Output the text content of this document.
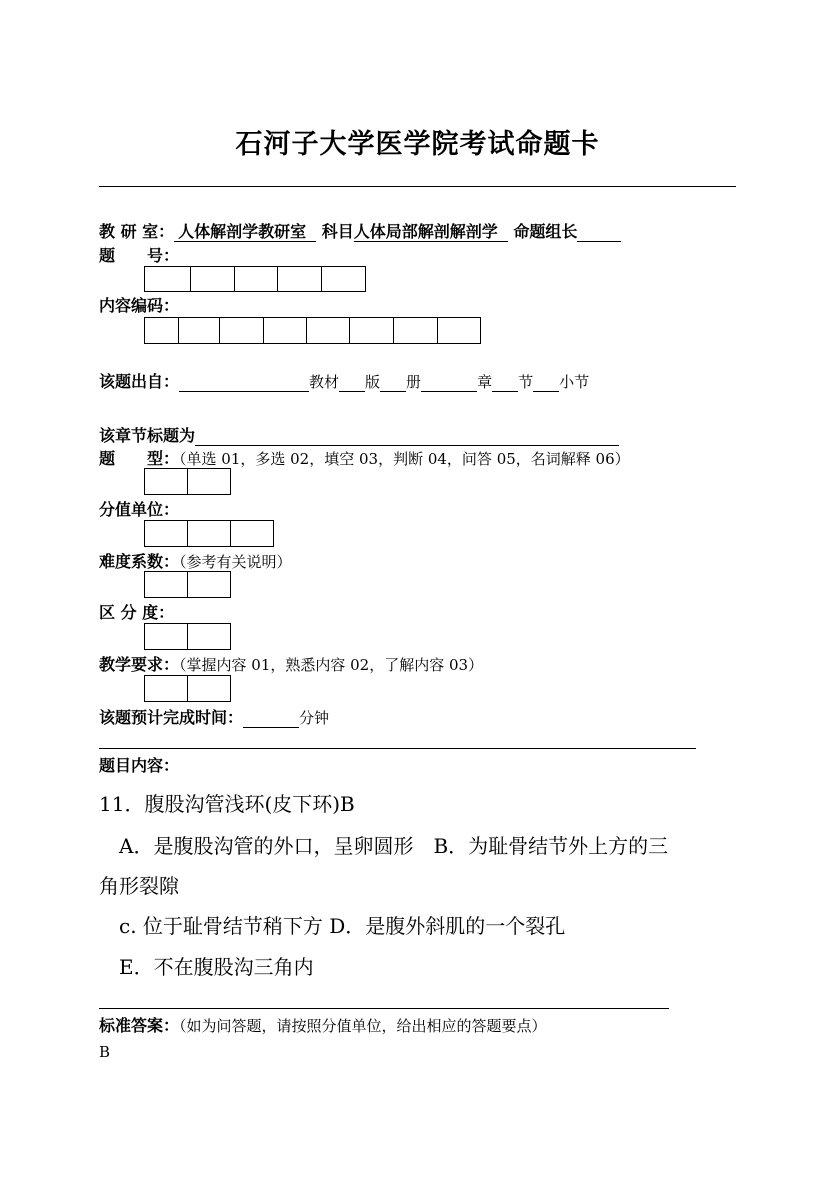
石河子大学医学院考试命题卡
教 研 室： 人体解剖学教研室 科目人体局部解剖解剖学 命题组长
题　　号：
内容编码：
该题出自：	教材 版 册	章 节 小节
该章节标题为
题　　型：（单选 01，多选 02，填空 03，判断 04，问答 05，名词解释 06）
分值单位：
难度系数：（参考有关说明）
区 分 度：
教学要求：（掌握内容 01，熟悉内容 02，了解内容 03）
该题预计完成时间：	分钟
题目内容：
11．腹股沟管浅环(皮下环)B
A．是腹股沟管的外口，呈卵圆形　B．为耻骨结节外上方的三
角形裂隙
c. 位于耻骨结节稍下方 D．是腹外斜肌的一个裂孔
E．不在腹股沟三角内
标准答案：（如为问答题，请按照分值单位，给出相应的答题要点）
B
